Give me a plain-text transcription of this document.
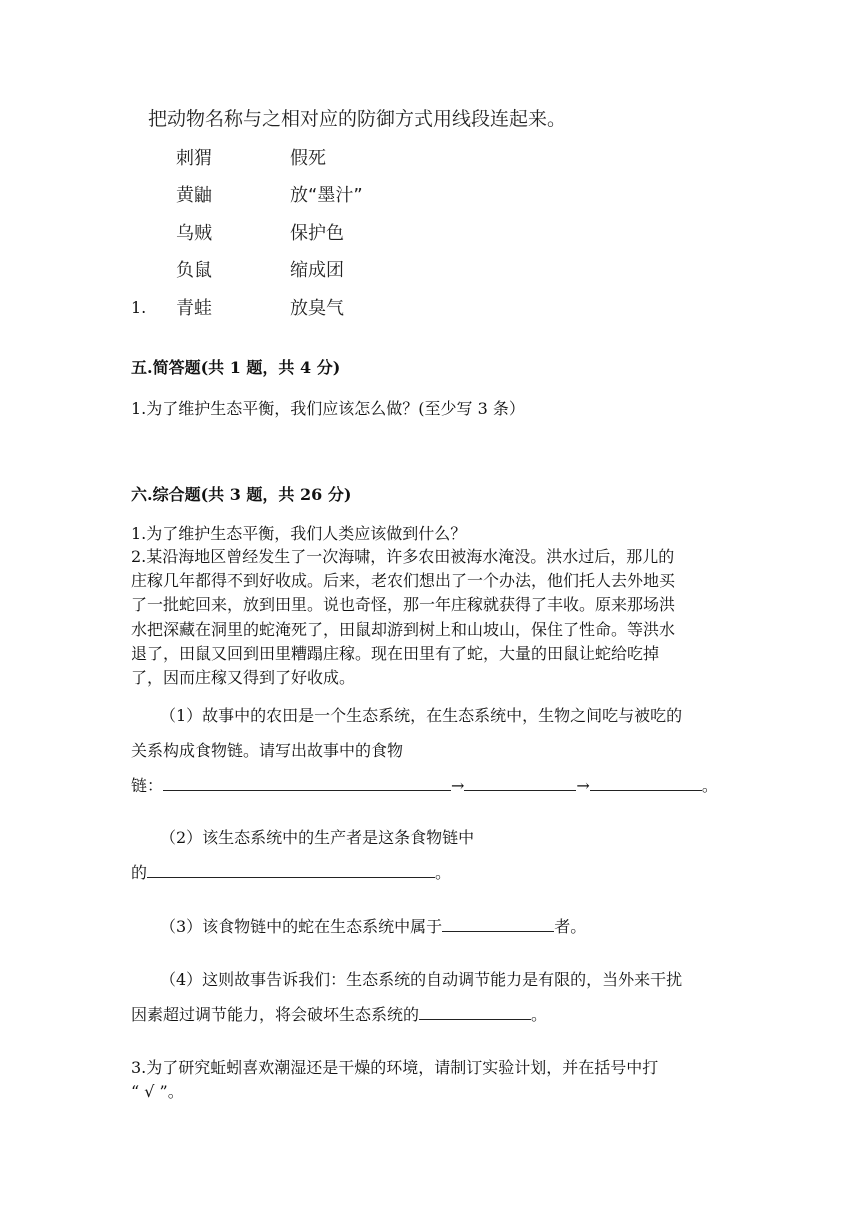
把动物名称与之相对应的防御方式用线段连起来。
刺猬	假死
黄鼬	放“墨汁”
乌贼	保护色
负鼠	缩成团
1. 青蛙	放臭气
五.简答题(共 1 题，共 4 分)
1.为了维护生态平衡，我们应该怎么做？(至少写 3 条）
六.综合题(共 3 题，共 26 分)
1.为了维护生态平衡，我们人类应该做到什么？

2.某沿海地区曾经发生了一次海啸，许多农田被海水淹没。洪水过后，那儿的

庄稼几年都得不到好收成。后来，老农们想出了一个办法，他们托人去外地买

了一批蛇回来，放到田里。说也奇怪，那一年庄稼就获得了丰收。原来那场洪

水把深藏在洞里的蛇淹死了，田鼠却游到树上和山坡山，保住了性命。等洪水

退了，田鼠又回到田里糟蹋庄稼。现在田里有了蛇，大量的田鼠让蛇给吃掉

了，因而庄稼又得到了好收成。

（1）故事中的农田是一个生态系统，在生态系统中，生物之间吃与被吃的
关系构成食物链。请写出故事中的食物
链：	→	→	。
（2）该生态系统中的生产者是这条食物链中
的	。
（3）该食物链中的蛇在生态系统中属于	者。
（4）这则故事告诉我们：生态系统的自动调节能力是有限的，当外来干扰
因素超过调节能力，将会破坏生态系统的	。
3.为了研究蚯蚓喜欢潮湿还是干燥的环境，请制订实验计划，并在括号中打
“ √ ”。
